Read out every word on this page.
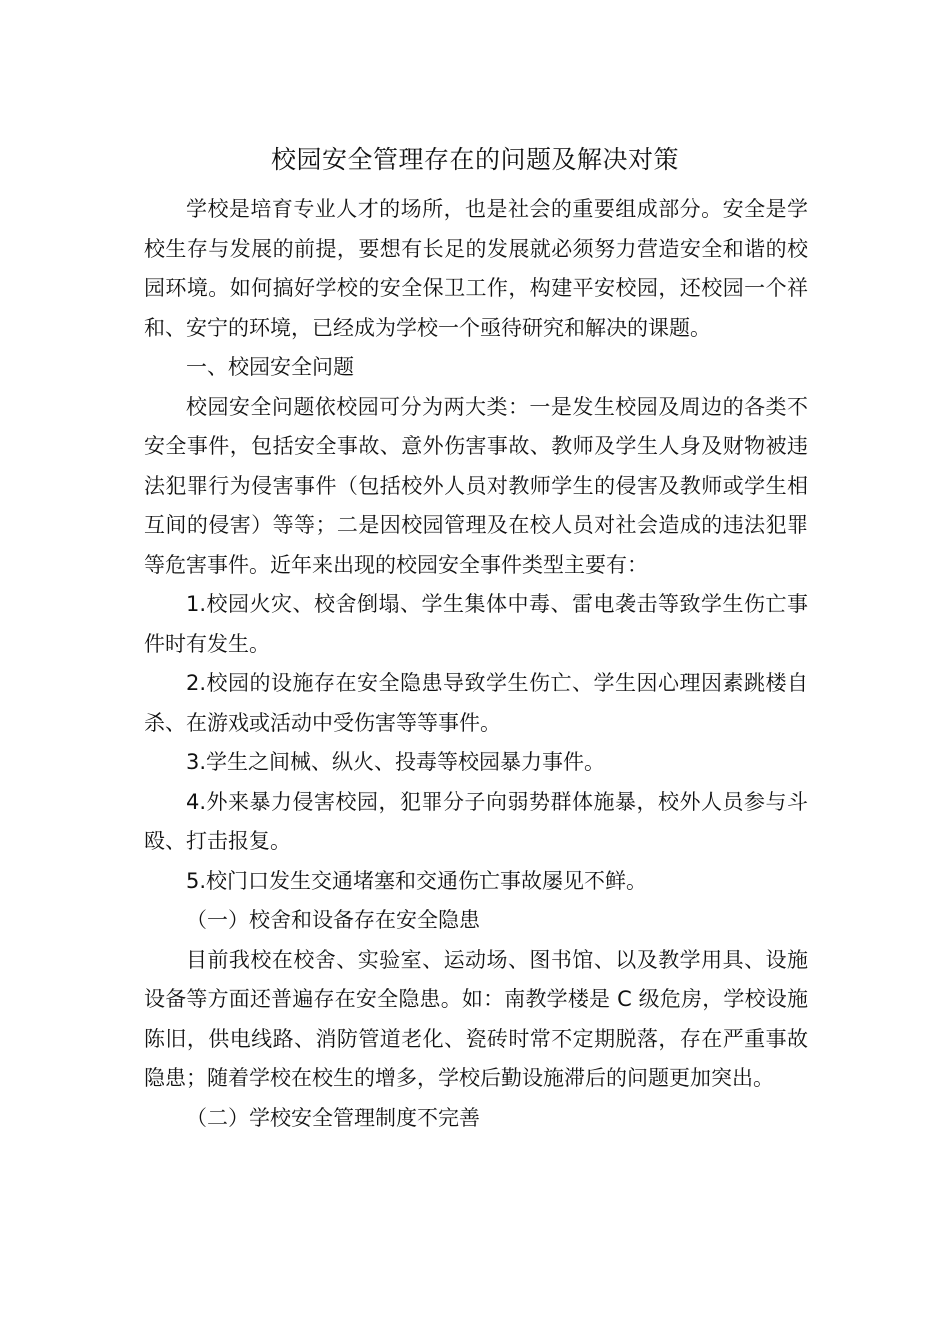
校园安全管理存在的问题及解决对策

学校是培育专业人才的场所，也是社会的重要组成部分。安全是学校生存与发展的前提，要想有长足的发展就必须努力营造安全和谐的校园环境。如何搞好学校的安全保卫工作，构建平安校园，还校园一个祥和、安宁的环境，已经成为学校一个亟待研究和解决的课题。

一、校园安全问题

校园安全问题依校园可分为两大类：一是发生校园及周边的各类不安全事件，包括安全事故、意外伤害事故、教师及学生人身及财物被违法犯罪行为侵害事件（包括校外人员对教师学生的侵害及教师或学生相互间的侵害）等等；二是因校园管理及在校人员对社会造成的违法犯罪等危害事件。近年来出现的校园安全事件类型主要有：

1.校园火灾、校舍倒塌、学生集体中毒、雷电袭击等致学生伤亡事件时有发生。

2.校园的设施存在安全隐患导致学生伤亡、学生因心理因素跳楼自杀、在游戏或活动中受伤害等等事件。

3.学生之间械、纵火、投毒等校园暴力事件。

4.外来暴力侵害校园，犯罪分子向弱势群体施暴，校外人员参与斗殴、打击报复。

5.校门口发生交通堵塞和交通伤亡事故屡见不鲜。

（一）校舍和设备存在安全隐患

目前我校在校舍、实验室、运动场、图书馆、以及教学用具、设施设备等方面还普遍存在安全隐患。如：南教学楼是 C 级危房，学校设施陈旧，供电线路、消防管道老化、瓷砖时常不定期脱落，存在严重事故隐患；随着学校在校生的增多，学校后勤设施滞后的问题更加突出。

（二）学校安全管理制度不完善
